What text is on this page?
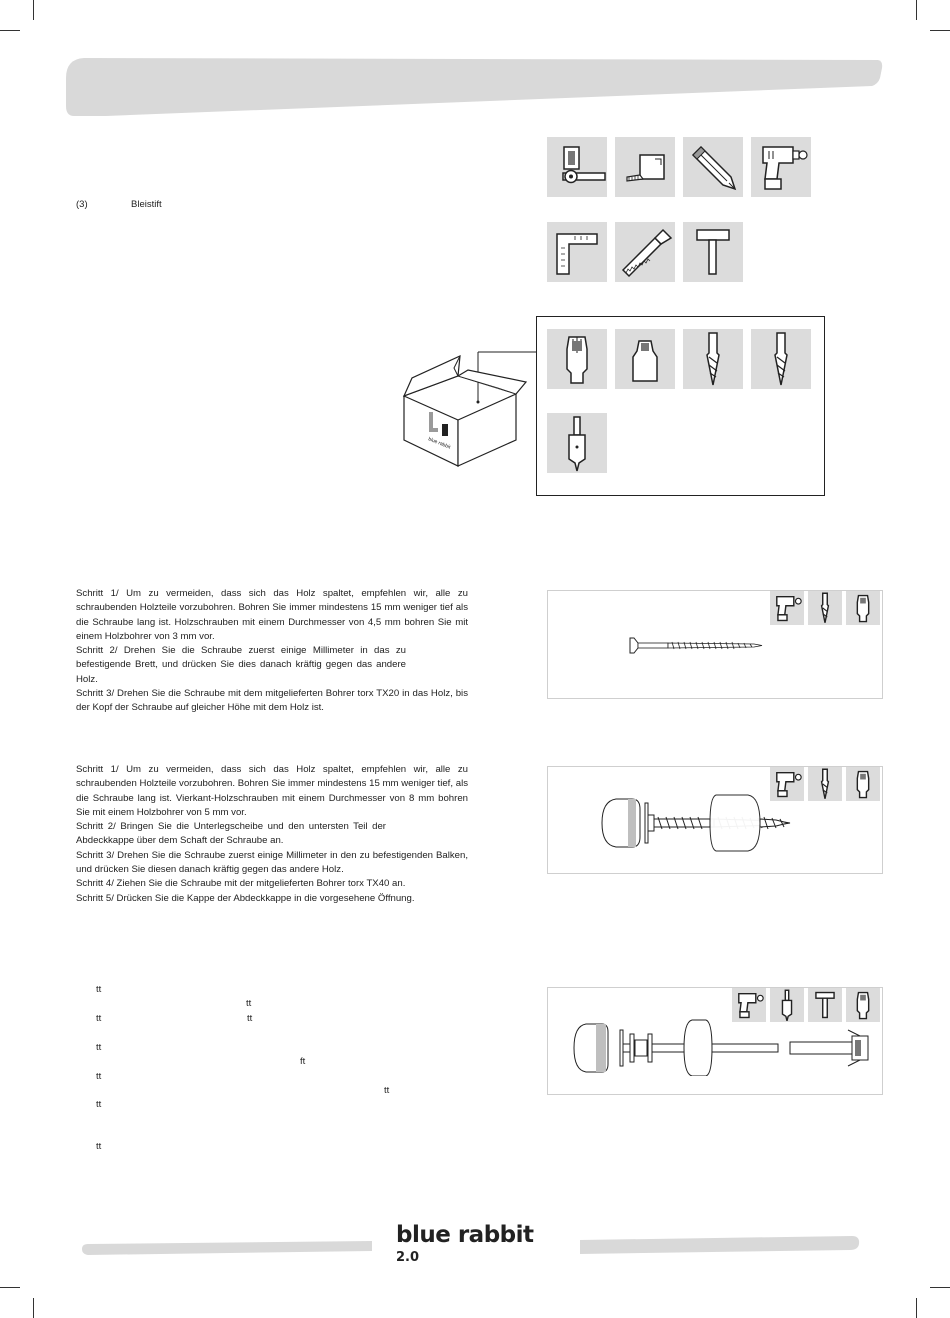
(3)	Bleistift
blue rabbit

Schritt 1/ Um zu vermeiden, dass sich das Holz spaltet, empfehlen wir, alle zu schraubenden Holzteile vorzubohren. Bohren Sie immer mindestens 15 mm weniger tief als die Schraube lang ist. Holzschrauben mit einem Durchmesser von 4,5 mm bohren Sie mit einem Holzbohrer von 3 mm vor.

Schritt 2/ Drehen Sie die Schraube zuerst einige Millimeter in das zu befestigende Brett, und drücken Sie dies danach kräftig gegen das andere Holz.

Schritt 3/ Drehen Sie die Schraube mit dem mitgelieferten Bohrer torx TX20 in das Holz, bis der Kopf der Schraube auf gleicher Höhe mit dem Holz ist.

Schritt 1/ Um zu vermeiden, dass sich das Holz spaltet, empfehlen wir, alle zu schraubenden Holzteile vorzubohren. Bohren Sie immer mindestens 15 mm weniger tief, als die Schraube lang ist. Vierkant-Holzschrauben mit einem Durchmesser von 8 mm bohren Sie mit einem Holzbohrer von 5 mm vor.

Schritt 2/ Bringen Sie die Unterlegscheibe und den untersten Teil der Abdeckkappe über dem Schaft der Schraube an.

Schritt 3/ Drehen Sie die Schraube zuerst einige Millimeter in den zu befestigenden Balken, und drücken Sie diesen danach kräftig gegen das andere Holz.

Schritt 4/ Ziehen Sie die Schraube mit der mitgelieferten Bohrer torx TX40 an.

Schritt 5/ Drücken Sie die Kappe der Abdeckkappe in die vorgesehene Öffnung.

tt
tt
tt	tt
tt
ft
tt
tt
tt
tt
blue rabbit 2.0
